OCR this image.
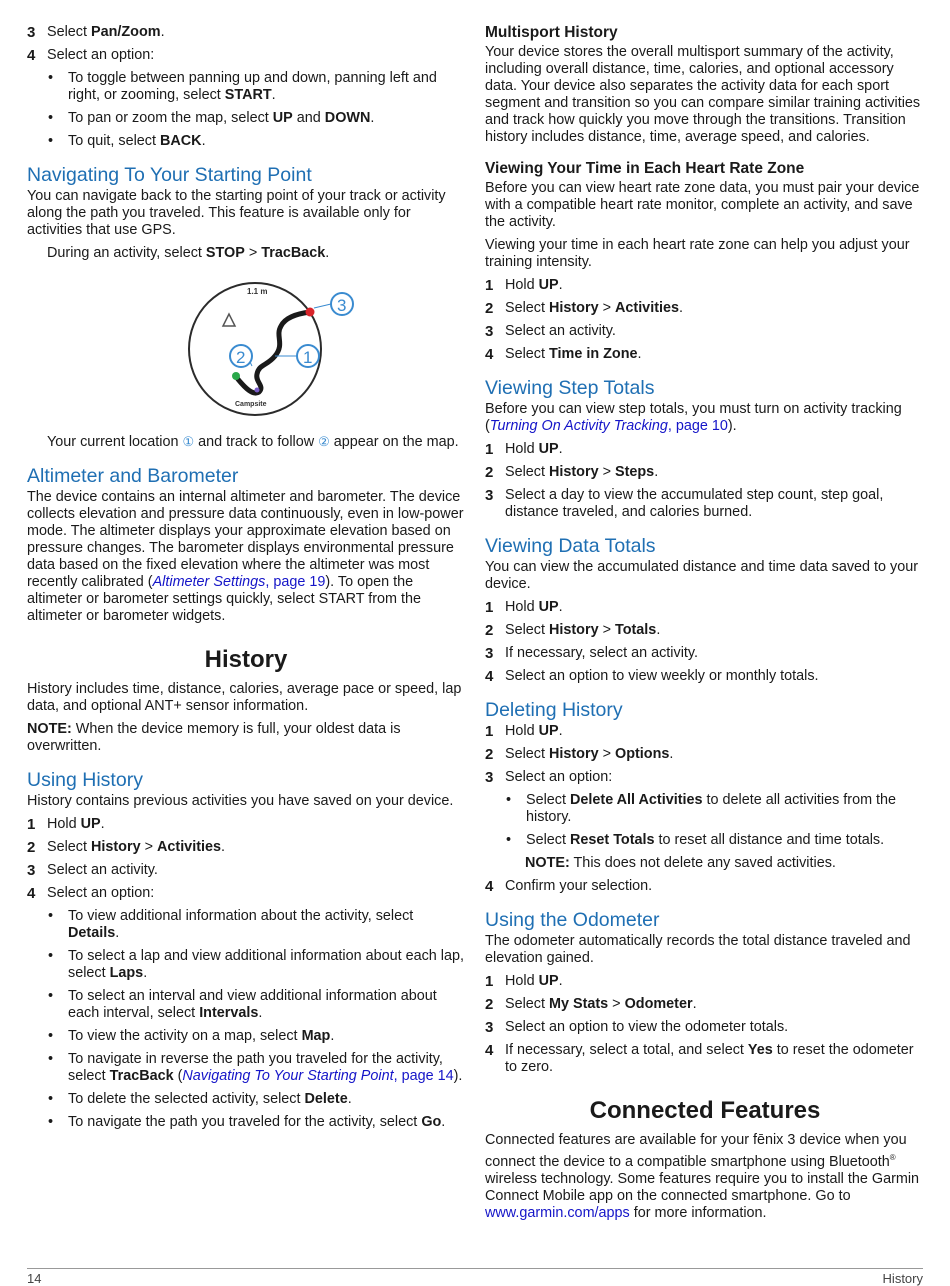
3 Select Pan/Zoom.
4 Select an option:
•	To toggle between panning up and down, panning left and right, or zooming, select START.
•	To pan or zoom the map, select UP and DOWN.
•	To quit, select BACK.
Navigating To Your Starting Point

You can navigate back to the starting point of your track or activity along the path you traveled. This feature is available only for activities that use GPS.

During an activity, select STOP > TracBack.

1.1 m
Campsite
3
1
2

Your current location ① and track to follow ② appear on the map.

Altimeter and Barometer

The device contains an internal altimeter and barometer. The device collects elevation and pressure data continuously, even in low-power mode. The altimeter displays your approximate elevation based on pressure changes. The barometer displays environmental pressure data based on the fixed elevation where the altimeter was most recently calibrated (Altimeter Settings, page 19). To open the altimeter or barometer settings quickly, select START from the altimeter or barometer widgets.

History

History includes time, distance, calories, average pace or speed, lap data, and optional ANT+ sensor information.

NOTE: When the device memory is full, your oldest data is overwritten.

Using History

History contains previous activities you have saved on your device.

1 Hold UP.
2 Select History > Activities.
3 Select an activity.
4 Select an option:
•	To view additional information about the activity, select Details.
•	To select a lap and view additional information about each lap, select Laps.
•	To select an interval and view additional information about each interval, select Intervals.
•	To view the activity on a map, select Map.
•	To navigate in reverse the path you traveled for the activity, select TracBack (Navigating To Your Starting Point, page 14).
•	To delete the selected activity, select Delete.
•	To navigate the path you traveled for the activity, select Go.
Multisport History

Your device stores the overall multisport summary of the activity, including overall distance, time, calories, and optional accessory data. Your device also separates the activity data for each sport segment and transition so you can compare similar training activities and track how quickly you move through the transitions. Transition history includes distance, time, average speed, and calories.

Viewing Your Time in Each Heart Rate Zone

Before you can view heart rate zone data, you must pair your device with a compatible heart rate monitor, complete an activity, and save the activity.

Viewing your time in each heart rate zone can help you adjust your training intensity.

1 Hold UP.
2 Select History > Activities.
3 Select an activity.
4 Select Time in Zone.
Viewing Step Totals

Before you can view step totals, you must turn on activity tracking (Turning On Activity Tracking, page 10).

1 Hold UP.
2 Select History > Steps.
3 Select a day to view the accumulated step count, step goal, distance traveled, and calories burned.
Viewing Data Totals

You can view the accumulated distance and time data saved to your device.

1 Hold UP.
2 Select History > Totals.
3 If necessary, select an activity.
4 Select an option to view weekly or monthly totals.
Deleting History
1 Hold UP.
2 Select History > Options.
3 Select an option:
•	Select Delete All Activities to delete all activities from the history.
•	Select Reset Totals to reset all distance and time totals.

NOTE: This does not delete any saved activities.

4 Confirm your selection.
Using the Odometer

The odometer automatically records the total distance traveled and elevation gained.

1 Hold UP.
2 Select My Stats > Odometer.
3 Select an option to view the odometer totals.
4 If necessary, select a total, and select Yes to reset the odometer to zero.
Connected Features

Connected features are available for your fēnix 3 device when you connect the device to a compatible smartphone using Bluetooth® wireless technology. Some features require you to install the Garmin Connect Mobile app on the connected smartphone. Go to www.garmin.com/apps for more information.

14	History
